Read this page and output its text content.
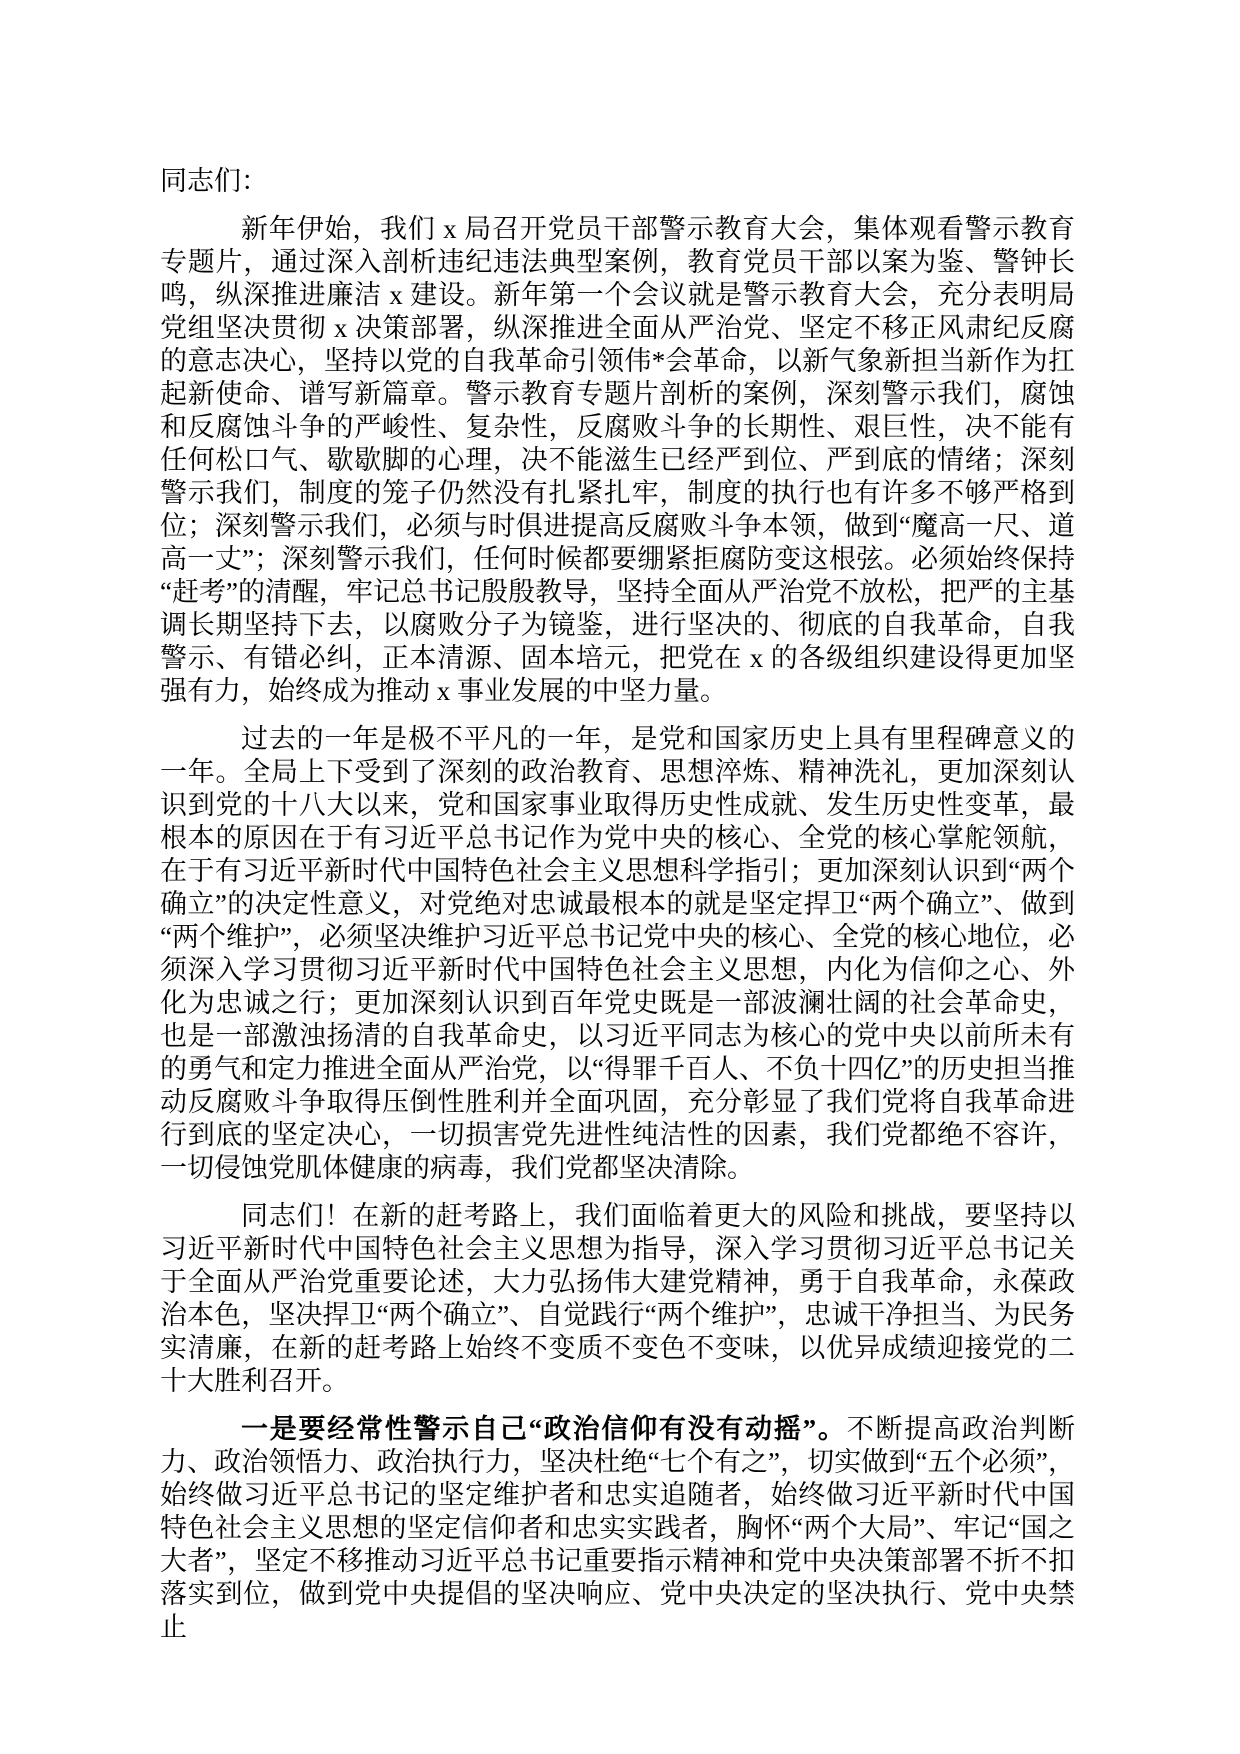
同志们：

新年伊始，我们 x 局召开党员干部警示教育大会，集体观看警示教育专题片，通过深入剖析违纪违法典型案例，教育党员干部以案为鉴、警钟长鸣，纵深推进廉洁 x 建设。新年第一个会议就是警示教育大会，充分表明局党组坚决贯彻 x 决策部署，纵深推进全面从严治党、坚定不移正风肃纪反腐的意志决心，坚持以党的自我革命引领伟*会革命，以新气象新担当新作为扛起新使命、谱写新篇章。警示教育专题片剖析的案例，深刻警示我们，腐蚀和反腐蚀斗争的严峻性、复杂性，反腐败斗争的长期性、艰巨性，决不能有任何松口气、歇歇脚的心理，决不能滋生已经严到位、严到底的情绪；深刻警示我们，制度的笼子仍然没有扎紧扎牢，制度的执行也有许多不够严格到位；深刻警示我们，必须与时俱进提高反腐败斗争本领，做到“魔高一尺、道高一丈”；深刻警示我们，任何时候都要绷紧拒腐防变这根弦。必须始终保持“赶考”的清醒，牢记总书记殷殷教导，坚持全面从严治党不放松，把严的主基调长期坚持下去，以腐败分子为镜鉴，进行坚决的、彻底的自我革命，自我警示、有错必纠，正本清源、固本培元，把党在 x 的各级组织建设得更加坚强有力，始终成为推动 x 事业发展的中坚力量。

过去的一年是极不平凡的一年，是党和国家历史上具有里程碑意义的一年。全局上下受到了深刻的政治教育、思想淬炼、精神洗礼，更加深刻认识到党的十八大以来，党和国家事业取得历史性成就、发生历史性变革，最根本的原因在于有习近平总书记作为党中央的核心、全党的核心掌舵领航，在于有习近平新时代中国特色社会主义思想科学指引；更加深刻认识到“两个确立”的决定性意义，对党绝对忠诚最根本的就是坚定捍卫“两个确立”、做到“两个维护”，必须坚决维护习近平总书记党中央的核心、全党的核心地位，必须深入学习贯彻习近平新时代中国特色社会主义思想，内化为信仰之心、外化为忠诚之行；更加深刻认识到百年党史既是一部波澜壮阔的社会革命史，也是一部激浊扬清的自我革命史，以习近平同志为核心的党中央以前所未有的勇气和定力推进全面从严治党，以“得罪千百人、不负十四亿”的历史担当推动反腐败斗争取得压倒性胜利并全面巩固，充分彰显了我们党将自我革命进行到底的坚定决心，一切损害党先进性纯洁性的因素，我们党都绝不容许，一切侵蚀党肌体健康的病毒，我们党都坚决清除。

同志们！在新的赶考路上，我们面临着更大的风险和挑战，要坚持以习近平新时代中国特色社会主义思想为指导，深入学习贯彻习近平总书记关于全面从严治党重要论述，大力弘扬伟大建党精神，勇于自我革命，永葆政治本色，坚决捍卫“两个确立”、自觉践行“两个维护”，忠诚干净担当、为民务实清廉，在新的赶考路上始终不变质不变色不变味，以优异成绩迎接党的二十大胜利召开。

一是要经常性警示自己“政治信仰有没有动摇”。不断提高政治判断力、政治领悟力、政治执行力，坚决杜绝“七个有之”，切实做到“五个必须”，始终做习近平总书记的坚定维护者和忠实追随者，始终做习近平新时代中国特色社会主义思想的坚定信仰者和忠实实践者，胸怀“两个大局”、牢记“国之大者”，坚定不移推动习近平总书记重要指示精神和党中央决策部署不折不扣落实到位，做到党中央提倡的坚决响应、党中央决定的坚决执行、党中央禁止
